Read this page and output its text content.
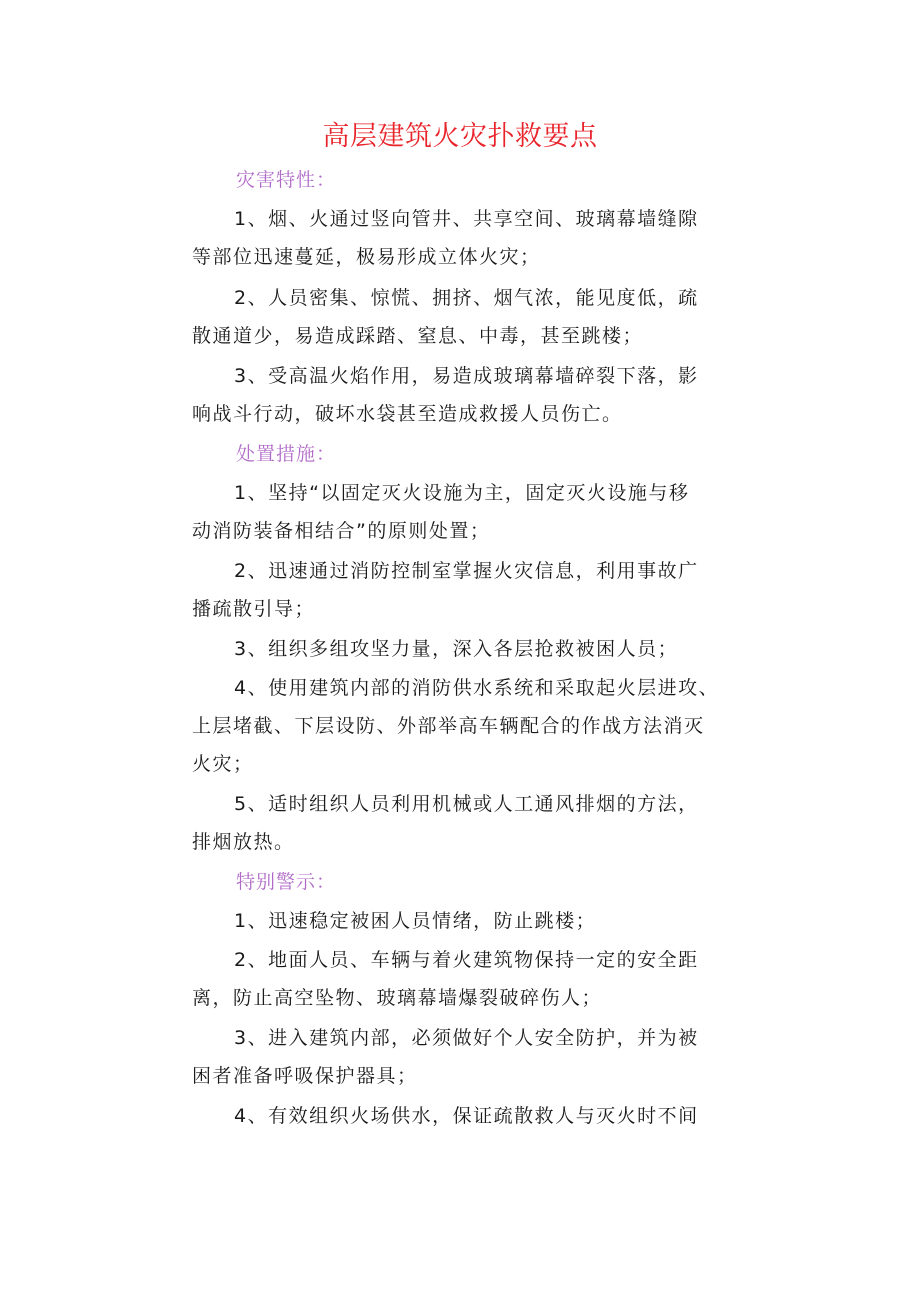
高层建筑火灾扑救要点
灾害特性：
1、烟、火通过竖向管井、共享空间、玻璃幕墙缝隙
等部位迅速蔓延，极易形成立体火灾；
2、人员密集、惊慌、拥挤、烟气浓，能见度低，疏
散通道少，易造成踩踏、窒息、中毒，甚至跳楼；
3、受高温火焰作用，易造成玻璃幕墙碎裂下落，影
响战斗行动，破坏水袋甚至造成救援人员伤亡。
处置措施：
1、坚持“以固定灭火设施为主，固定灭火设施与移
动消防装备相结合”的原则处置；
2、迅速通过消防控制室掌握火灾信息，利用事故广
播疏散引导；
3、组织多组攻坚力量，深入各层抢救被困人员；
4、使用建筑内部的消防供水系统和采取起火层进攻、
上层堵截、下层设防、外部举高车辆配合的作战方法消灭
火灾；
5、适时组织人员利用机械或人工通风排烟的方法，
排烟放热。
特别警示：
1、迅速稳定被困人员情绪，防止跳楼；
2、地面人员、车辆与着火建筑物保持一定的安全距
离，防止高空坠物、玻璃幕墙爆裂破碎伤人；
3、进入建筑内部，必须做好个人安全防护，并为被
困者准备呼吸保护器具；
4、有效组织火场供水，保证疏散救人与灭火时不间
